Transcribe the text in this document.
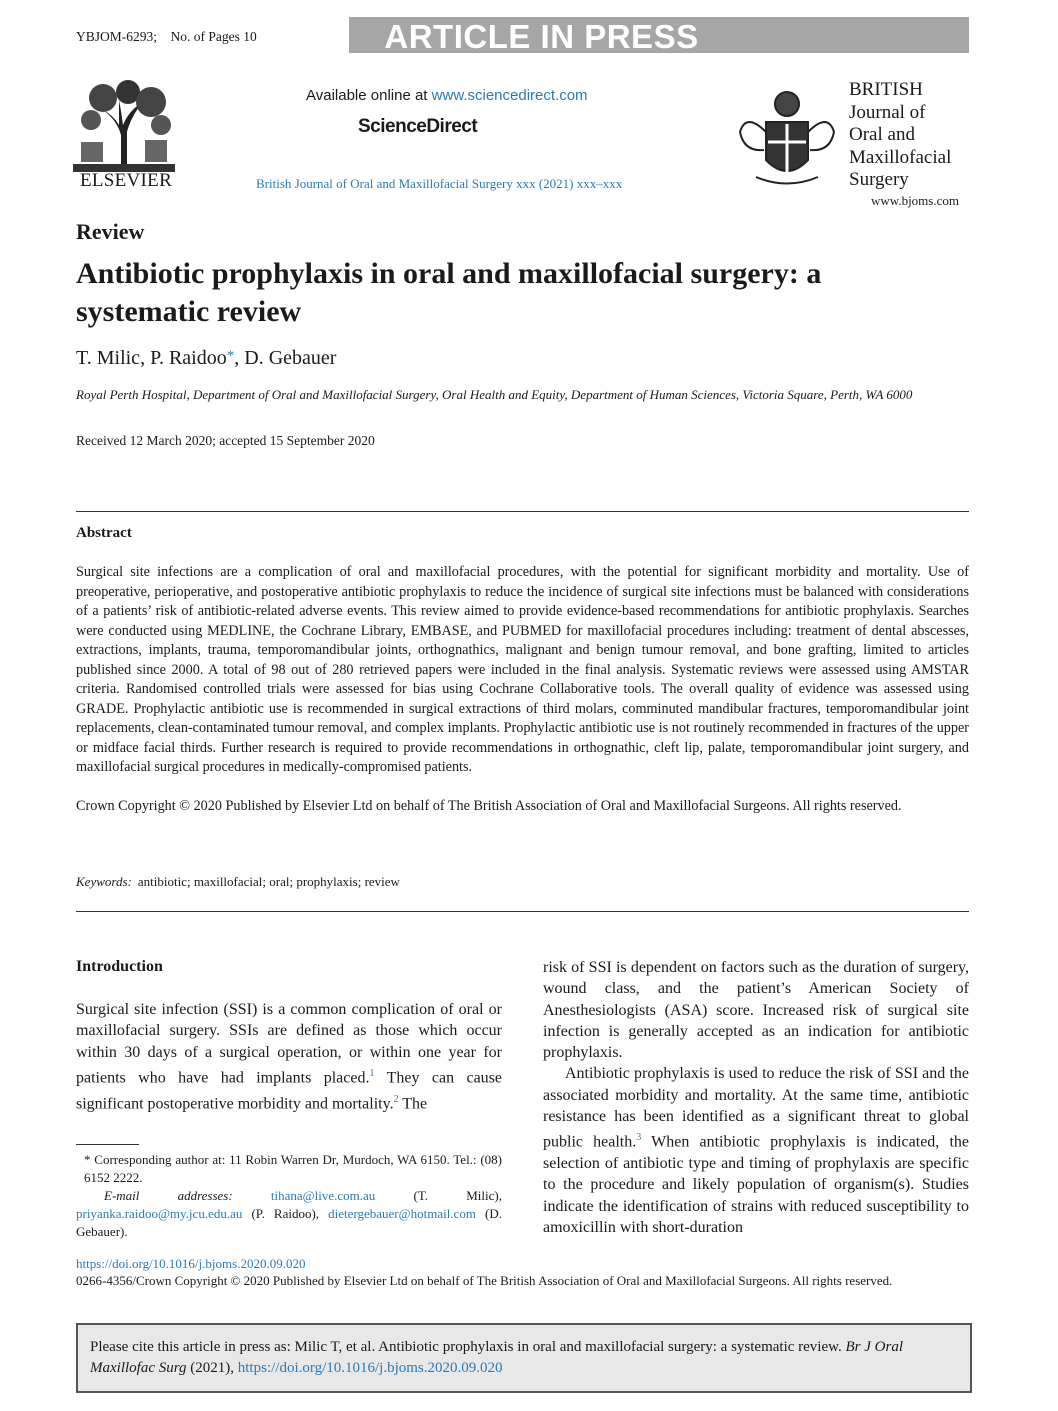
YBJOM-6293;    No. of Pages 10	ARTICLE IN PRESS
ELSEVIER
Available online at www.sciencedirect.com
ScienceDirect
British Journal of Oral and Maxillofacial Surgery xxx (2021) xxx–xxx
BRITISH
Journal of
Oral and
Maxillofacial
Surgery
www.bjoms.com
Review
Antibiotic prophylaxis in oral and maxillofacial surgery: a systematic review
T. Milic, P. Raidoo*, D. Gebauer
Royal Perth Hospital, Department of Oral and Maxillofacial Surgery, Oral Health and Equity, Department of Human Sciences, Victoria Square, Perth, WA 6000
Received 12 March 2020; accepted 15 September 2020
Abstract
Surgical site infections are a complication of oral and maxillofacial procedures, with the potential for significant morbidity and mortality. Use of preoperative, perioperative, and postoperative antibiotic prophylaxis to reduce the incidence of surgical site infections must be balanced with considerations of a patients’ risk of antibiotic-related adverse events. This review aimed to provide evidence-based recommendations for antibiotic prophylaxis. Searches were conducted using MEDLINE, the Cochrane Library, EMBASE, and PUBMED for maxillofacial procedures including: treatment of dental abscesses, extractions, implants, trauma, temporomandibular joints, orthognathics, malignant and benign tumour removal, and bone grafting, limited to articles published since 2000. A total of 98 out of 280 retrieved papers were included in the final analysis. Systematic reviews were assessed using AMSTAR criteria. Randomised controlled trials were assessed for bias using Cochrane Collaborative tools. The overall quality of evidence was assessed using GRADE. Prophylactic antibiotic use is recommended in surgical extractions of third molars, comminuted mandibular fractures, temporomandibular joint replacements, clean-contaminated tumour removal, and complex implants. Prophylactic antibiotic use is not routinely recommended in fractures of the upper or midface facial thirds. Further research is required to provide recommendations in orthognathic, cleft lip, palate, temporomandibular joint surgery, and maxillofacial surgical procedures in medically-compromised patients.
Crown Copyright © 2020 Published by Elsevier Ltd on behalf of The British Association of Oral and Maxillofacial Surgeons. All rights reserved.
Keywords: antibiotic; maxillofacial; oral; prophylaxis; review
Introduction
Surgical site infection (SSI) is a common complication of oral or maxillofacial surgery. SSIs are defined as those which occur within 30 days of a surgical operation, or within one year for patients who have had implants placed.$^1$ They can cause significant postoperative morbidity and mortality.$^2$ The

risk of SSI is dependent on factors such as the duration of surgery, wound class, and the patient’s American Society of Anesthesiologists (ASA) score. Increased risk of surgical site infection is generally accepted as an indication for antibiotic prophylaxis.

Antibiotic prophylaxis is used to reduce the risk of SSI and the associated morbidity and mortality. At the same time, antibiotic resistance has been identified as a significant threat to global public health.$^3$ When antibiotic prophylaxis is indicated, the selection of antibiotic type and timing of prophylaxis are specific to the procedure and likely population of organism(s). Studies indicate the identification of strains with reduced susceptibility to amoxicillin with short-duration

* Corresponding author at: 11 Robin Warren Dr, Murdoch, WA 6150. Tel.: (08) 6152 2222.
E-mail addresses:	tihana@live.com.au (T. Milic), priyanka.raidoo@my.jcu.edu.au (P. Raidoo), dietergebauer@hotmail.com (D. Gebauer).
https://doi.org/10.1016/j.bjoms.2020.09.020
0266-4356/Crown Copyright © 2020 Published by Elsevier Ltd on behalf of The British Association of Oral and Maxillofacial Surgeons. All rights reserved.
Please cite this article in press as: Milic T, et al. Antibiotic prophylaxis in oral and maxillofacial surgery: a systematic review. Br J Oral Maxillofac Surg (2021), https://doi.org/10.1016/j.bjoms.2020.09.020
